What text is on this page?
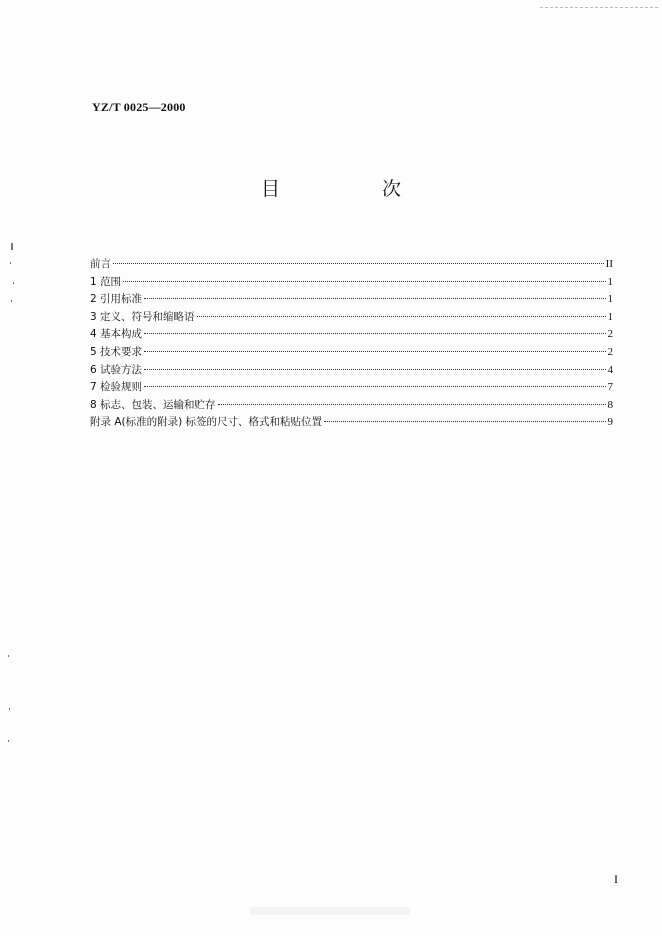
YZ/T 0025—2000
目 次
前言	II
1 范围	1
2 引用标准	1
3 定义、符号和缩略语	1
4 基本构成	2
5 技术要求	2
6 试验方法	4
7 检验规则	7
8 标志、包装、运输和贮存	8
附录 A(标准的附录) 标签的尺寸、格式和粘贴位置	9
I
